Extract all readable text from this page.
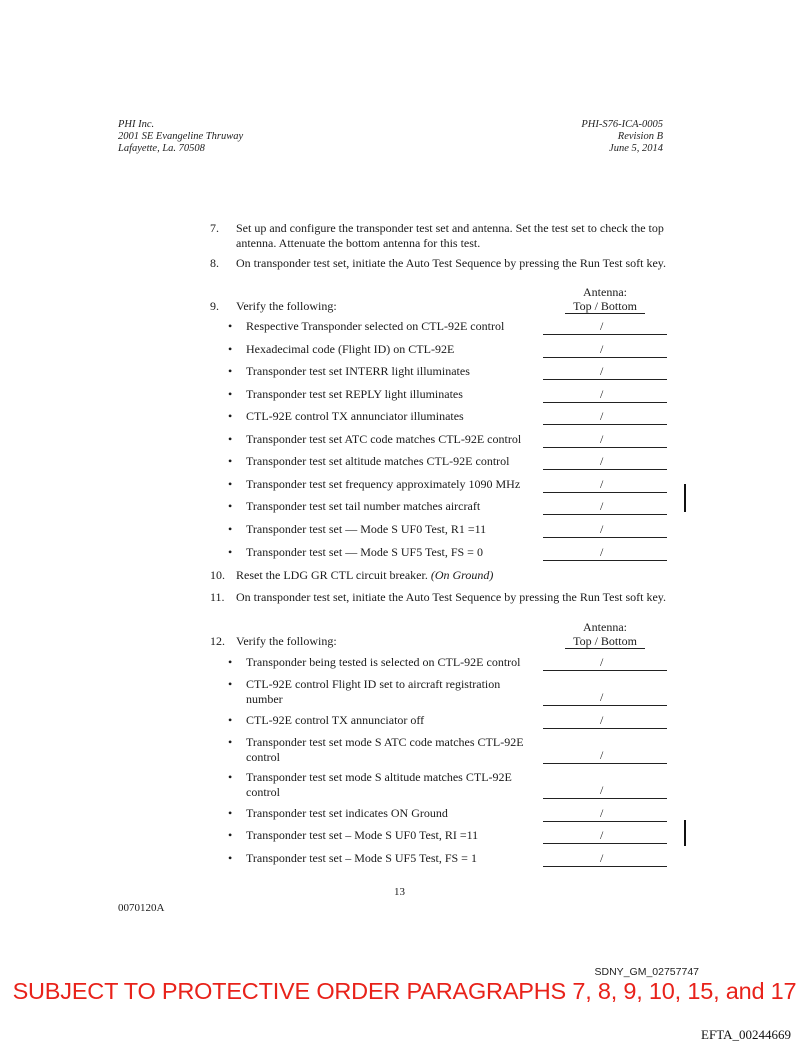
PHI Inc.
2001 SE Evangeline Thruway
Lafayette, La. 70508
PHI-S76-ICA-0005
Revision B
June 5, 2014
7.	Set up and configure the transponder test set and antenna. Set the test set to check the top antenna. Attenuate the bottom antenna for this test.
8.	On transponder test set, initiate the Auto Test Sequence by pressing the Run Test soft key.
Antenna:
Top / Bottom
9.	Verify the following:
•	Respective Transponder selected on CTL-92E control	/
•	Hexadecimal code (Flight ID) on CTL-92E	/
•	Transponder test set INTERR light illuminates	/
•	Transponder test set REPLY light illuminates	/
•	CTL-92E control TX annunciator illuminates	/
•	Transponder test set ATC code matches CTL-92E control	/
•	Transponder test set altitude matches CTL-92E control	/
•	Transponder test set frequency approximately 1090 MHz	/
•	Transponder test set tail number matches aircraft	/
•	Transponder test set — Mode S UF0 Test, R1 =11	/
•	Transponder test set — Mode S UF5 Test, FS = 0	/
10. Reset the LDG GR CTL circuit breaker. (On Ground)
11. On transponder test set, initiate the Auto Test Sequence by pressing the Run Test soft key.
Antenna:
Top / Bottom
12. Verify the following:
•	Transponder being tested is selected on CTL-92E control	/
•	CTL-92E control Flight ID set to aircraft registration number	/
•	CTL-92E control TX annunciator off	/
•	Transponder test set mode S ATC code matches CTL-92E control	/
•	Transponder test set mode S altitude matches CTL-92E control	/
•	Transponder test set indicates ON Ground	/
•	Transponder test set – Mode S UF0 Test, RI =11	/
•	Transponder test set – Mode S UF5 Test, FS = 1	/
13
0070120A
SDNY_GM_02757747
SUBJECT TO PROTECTIVE ORDER PARAGRAPHS 7, 8, 9, 10, 15, and 17
EFTA_00244669
